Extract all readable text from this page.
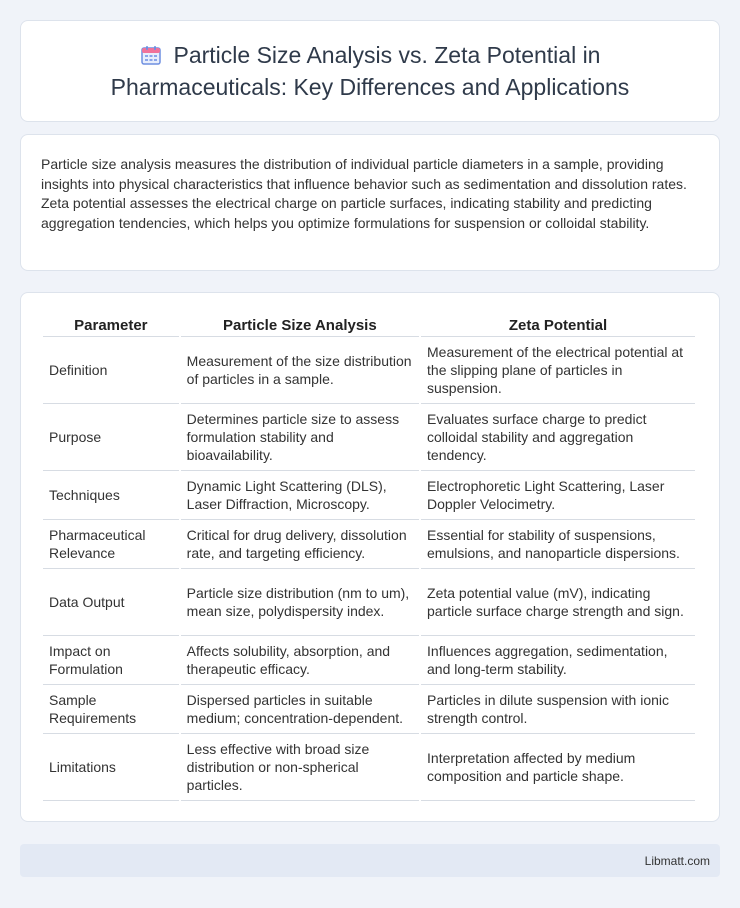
Particle Size Analysis vs. Zeta Potential in Pharmaceuticals: Key Differences and Applications

Particle size analysis measures the distribution of individual particle diameters in a sample, providing insights into physical characteristics that influence behavior such as sedimentation and dissolution rates. Zeta potential assesses the electrical charge on particle surfaces, indicating stability and predicting aggregation tendencies, which helps you optimize formulations for suspension or colloidal stability.

Parameter	Particle Size Analysis	Zeta Potential
Definition	Measurement of the size distribution of particles in a sample.	Measurement of the electrical potential at the slipping plane of particles in suspension.
Purpose	Determines particle size to assess formulation stability and bioavailability.	Evaluates surface charge to predict colloidal stability and aggregation tendency.
Techniques	Dynamic Light Scattering (DLS), Laser Diffraction, Microscopy.	Electrophoretic Light Scattering, Laser Doppler Velocimetry.
Pharmaceutical Relevance	Critical for drug delivery, dissolution rate, and targeting efficiency.	Essential for stability of suspensions, emulsions, and nanoparticle dispersions.
Data Output	Particle size distribution (nm to um), mean size, polydispersity index.	Zeta potential value (mV), indicating particle surface charge strength and sign.
Impact on Formulation	Affects solubility, absorption, and therapeutic efficacy.	Influences aggregation, sedimentation, and long-term stability.
Sample Requirements	Dispersed particles in suitable medium; concentration-dependent.	Particles in dilute suspension with ionic strength control.
Limitations	Less effective with broad size distribution or non-spherical particles.	Interpretation affected by medium composition and particle shape.
Libmatt.com
